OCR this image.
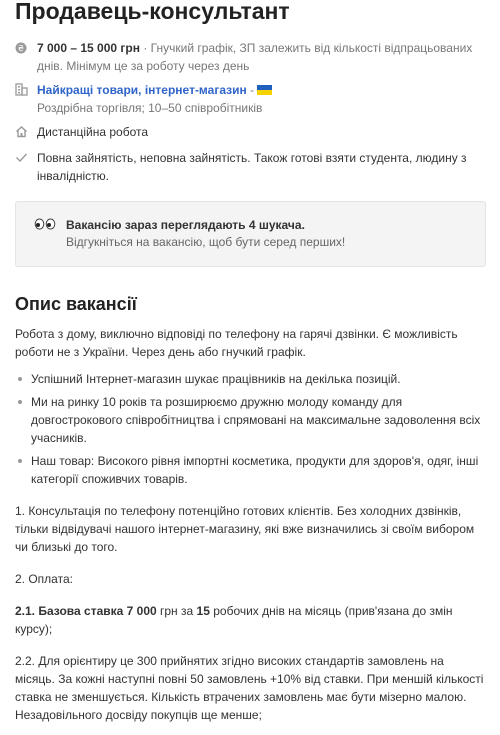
Продавець-консультант
₴ 7 000 – 15 000 грн · Гнучкий графік, ЗП залежить від кількості відпрацьованих днів. Мінімум це за роботу через день
Найкращі товари, інтернет-магазин -
Роздрібна торгівля; 10–50 співробітників
Дистанційна робота
Повна зайнятість, неповна зайнятість. Також готові взяти студента, людину з інвалідністю.
Вакансію зараз переглядають 4 шукача.
Відгукніться на вакансію, щоб бути серед перших!
Опис вакансії

Робота з дому, виключно відповіді по телефону на гарячі дзвінки. Є можливість роботи не з України. Через день або гнучкий графік.

Успішний Інтернет-магазин шукає працівників на декілька позицій.
Ми на ринку 10 років та розширюємо дружню молоду команду для довгострокового співробітництва і спрямовані на максимальне задоволення всіх учасників.
Наш товар: Високого рівня імпортні косметика, продукти для здоров'я, одяг, інші категорії споживчих товарів.

1. Консультація по телефону потенційно готових клієнтів. Без холодних дзвінків, тільки відвідувачі нашого інтернет-магазину, які вже визначились зі своїм вибором чи близькі до того.

2. Оплата:

2.1. Базова ставка 7 000 грн за 15 робочих днів на місяць (прив'язана до змін курсу);

2.2. Для орієнтиру це 300 прийнятих згідно високих стандартів замовлень на місяць. За кожні наступні повні 50 замовлень +10% від ставки. При меншій кількості ставка не зменшується. Кількість втрачених замовлень має бути мізерно малою. Незадовільного досвіду покупців ще менше;
